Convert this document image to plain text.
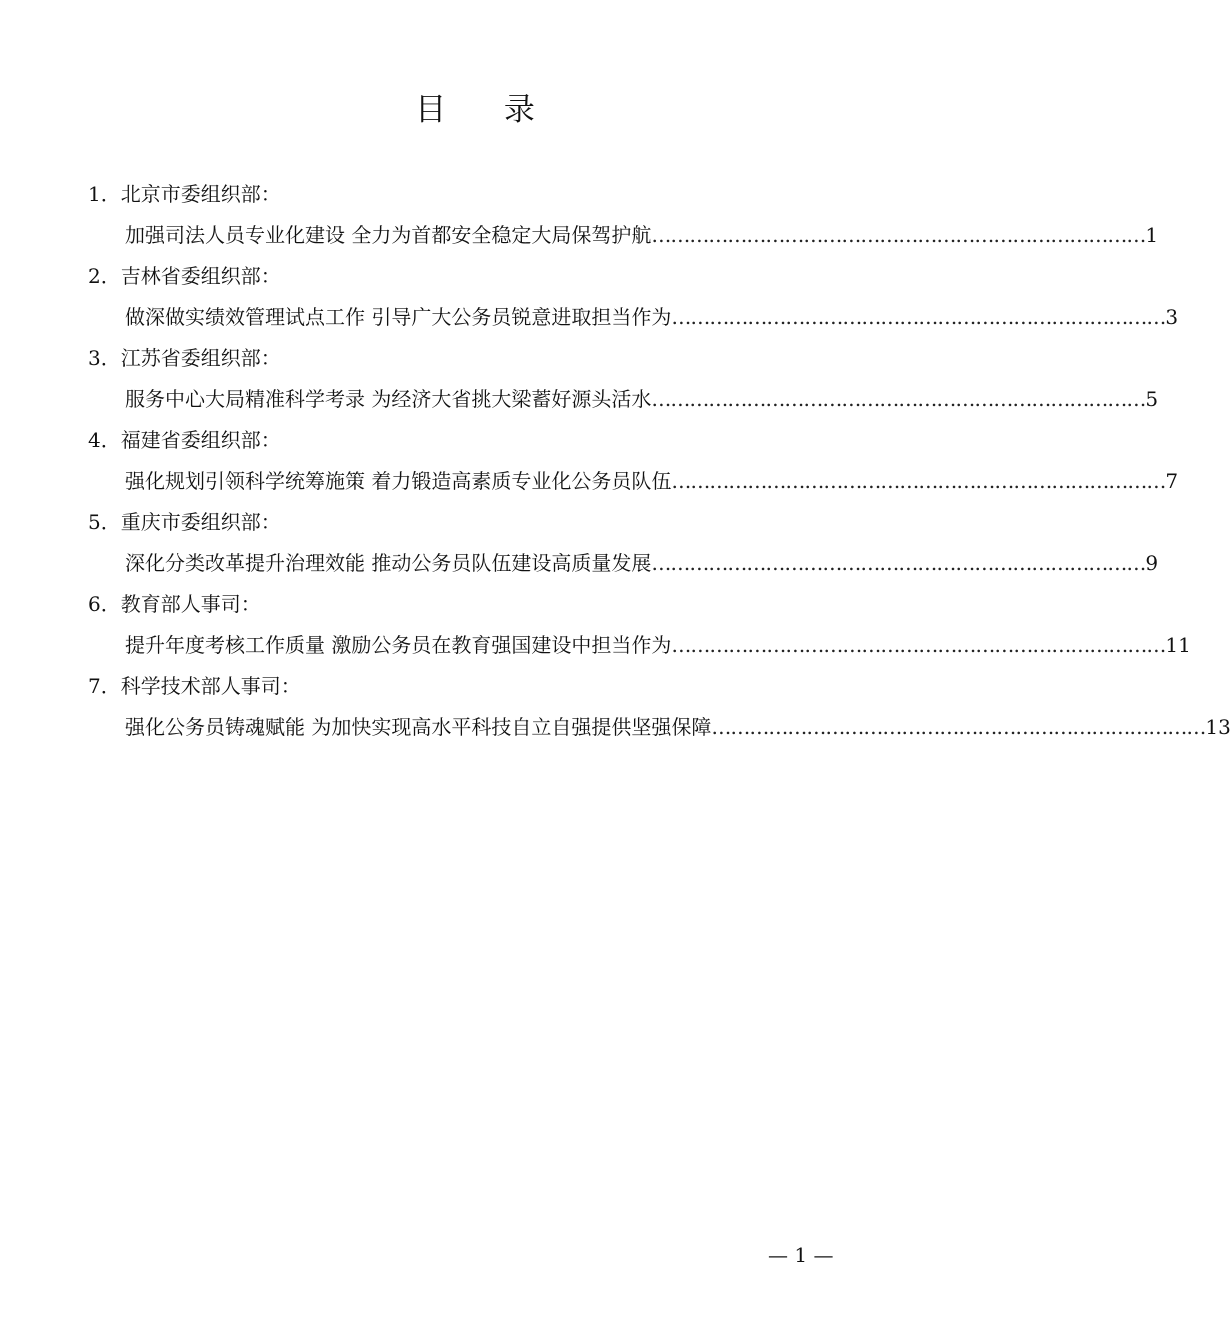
目 录
1．北京市委组织部：
加强司法人员专业化建设 全力为首都安全稳定大局保驾护航 …………………………………………………………………… 1
2．吉林省委组织部：
做深做实绩效管理试点工作 引导广大公务员锐意进取担当作为 …………………………………………………………………… 3
3．江苏省委组织部：
服务中心大局精准科学考录 为经济大省挑大梁蓄好源头活水 …………………………………………………………………… 5
4．福建省委组织部：
强化规划引领科学统筹施策 着力锻造高素质专业化公务员队伍 …………………………………………………………………… 7
5．重庆市委组织部：
深化分类改革提升治理效能 推动公务员队伍建设高质量发展 …………………………………………………………………… 9
6．教育部人事司：
提升年度考核工作质量 激励公务员在教育强国建设中担当作为 …………………………………………………………………… 11
7．科学技术部人事司：
强化公务员铸魂赋能 为加快实现高水平科技自立自强提供坚强保障 …………………………………………………………………… 13
— 1 —
